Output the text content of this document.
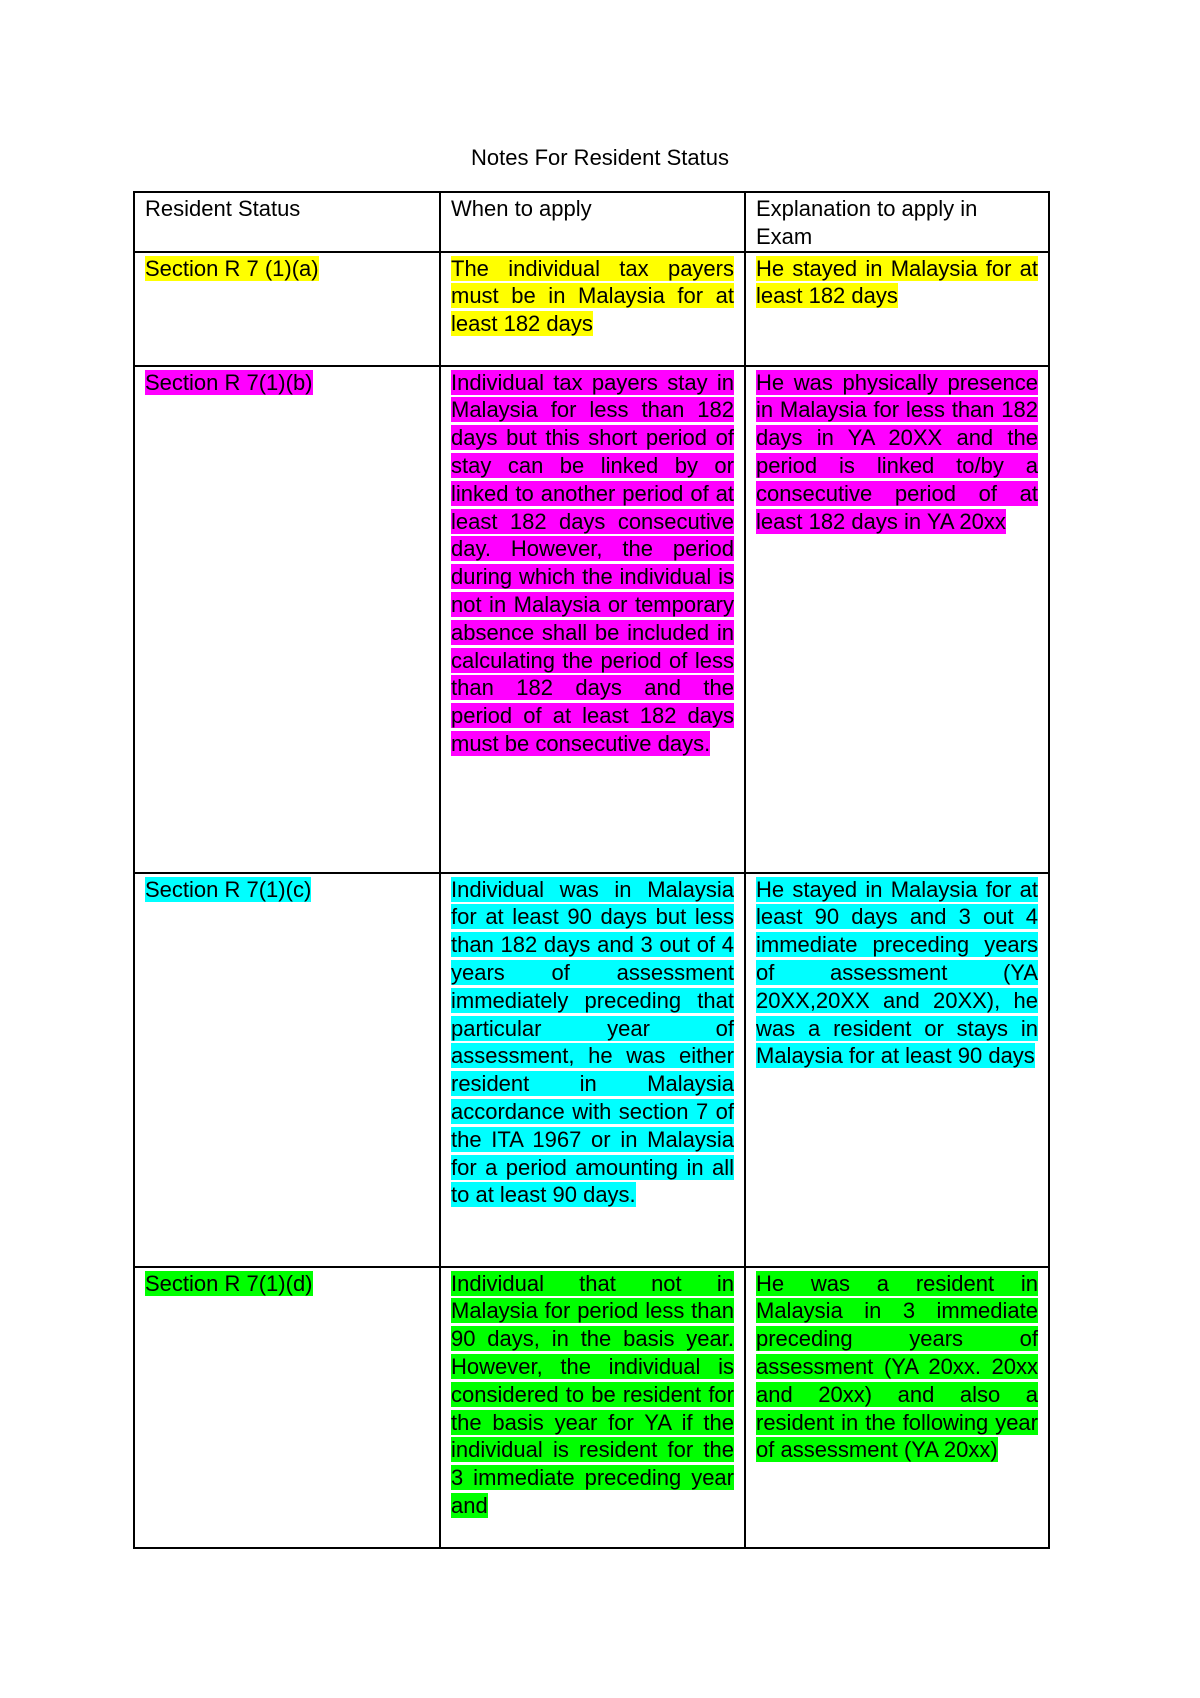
Notes For Resident Status
Resident Status	When to apply	Explanation to apply in Exam

Section R 7 (1)(a)	The individual tax payers must be in Malaysia for at least 182 days	He stayed in Malaysia for at least 182 days

Section R 7(1)(b)	Individual tax payers stay in Malaysia for less than 182 days but this short period of stay can be linked by or linked to another period of at least 182 days consecutive day. However, the period during which the individual is not in Malaysia or temporary absence shall be included in calculating the period of less than 182 days and the period of at least 182 days must be consecutive days.	He was physically presence in Malaysia for less than 182 days in YA 20XX and the period is linked to/by a consecutive period of at least 182 days in YA 20xx

Section R 7(1)(c)	Individual was in Malaysia for at least 90 days but less than 182 days and 3 out of 4 years of assessment immediately preceding that particular year of assessment, he was either resident in Malaysia accordance with section 7 of the ITA 1967 or in Malaysia for a period amounting in all to at least 90 days.	He stayed in Malaysia for at least 90 days and 3 out 4 immediate preceding years of assessment (YA 20XX,20XX and 20XX), he was a resident or stays in Malaysia for at least 90 days

Section R 7(1)(d)	Individual that not in Malaysia for period less than 90 days, in the basis year. However, the individual is considered to be resident for the basis year for YA if the individual is resident for the 3 immediate preceding year and	He was a resident in Malaysia in 3 immediate preceding years of assessment (YA 20xx. 20xx and 20xx) and also a resident in the following year of assessment (YA 20xx)
